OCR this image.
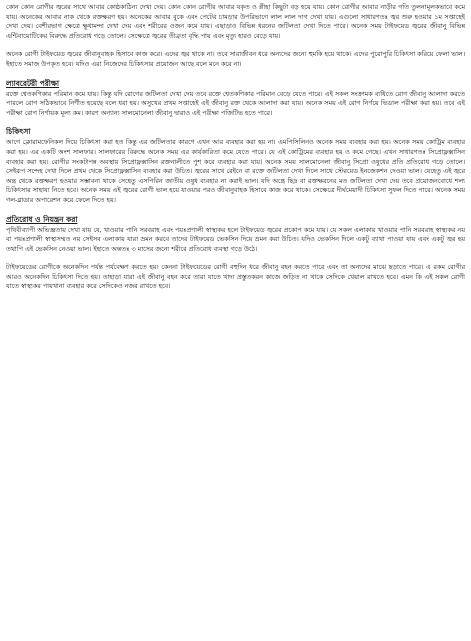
কোন কোন রোগীর জ্বরের সাথে আবার কোষ্ঠকাঠিন্য দেখা দেয়। কোন কোন রোগীর আবার যকৃত ও প্লীহা কিছুটা বড় হয়ে যায়। কোন রোগীর আবার নাড়ীর গতি তুলনামূলকভাবে কমে যায়। অনেকের আবার নাক থেকে রক্তক্ষরণ হয়। অনেকের আবার বুকে এবং পেটের চামড়ার উপরিভাগে লাল লাল দাগ দেখা যায়। এগুলো সাধারণতঃ জ্বর শুরু হওয়ার ১ম সপ্তাহেই দেখা দেয়। বেশীরভাগ ক্ষেত্রে ক্ষুধামন্দা দেখা দেয় এবং শরীরের ওজন কমে যায়। এছাড়াও বিভিন্ন ধরনের জটিলতা দেখা দিতে পারে। অনেক সময় টাইফয়েড জ্বরের জীবানু বিভিন্ন এন্টিবায়োটিকের বিরুদ্ধে প্রতিরোধ গড়ে তোলে। সেক্ষেত্রে জ্বরের তীব্রতা বৃদ্ধি পায় এবং মৃত্যু হারও বেড়ে যায়।

অনেক রোগী টাইফয়েড জ্বরের জীবানুবাহক হিসাবে কাজ করে। এদের জ্বর থাকে না। তবে সারাজীবন ধরে অন্যদের জন্যে হুমকি হয়ে থাকে। এদের পুরোপুরি চিকিৎসা করিয়ে ফেলা ভাল। ইহাতে সমাজ উপকৃত হবে। যদিও এরা নিজেদের চিকিৎসার প্রয়োজন আছে বলে মনে করে না।

ল্যাবরেটরী পরীক্ষা

রক্তে শ্বেতকণিকার পরিমান কমে যায়। কিন্তু যদি রোগের জটিলতা দেখা দেয় তবে রক্তে শ্বেতকণিকার পরিমান বেড়ে যেতে পারে। এই সকল সংক্রামক ব্যধিতে রোগ জীবানু আলাদা করতে পারলে রোগ সঠিকভাবে নির্ণীত হয়েছে বলে ধরা হয়। অসুখের প্রথম সপ্তাহেই এই জীবানু রক্ত থেকে আলাদা করা যায়। অনেক সময় এই রোগ নির্ণয়ে ভিডাল পরীক্ষা করা হয়। তবে এই পরীক্ষা রোগ নির্ণায়ক মূল্য কম। কারণ অন্যান্য সালমোনেলা জীবানু দ্বারাও এই পরীক্ষা পজিটিভ হতে পারে।

চিকিৎসা

আগে ক্লোরামফেনিকল দিয়ে চিকিৎসা করা হত কিন্তু এর জটিলতার কারণে এখন আর ব্যবহার করা হয় না। এমপিসিলিনও অনেক সময় ব্যবহার করা হয়। অনেক সময় কোট্রিম ব্যবহার করা হয়। এর একটি অংশ সালফার। সালফারের বিরুদ্ধে অনেক সময় এর কার্যকারিতা কমে যেতে পারে। যে এই কোট্রিমের ব্যবহার হয় ও কমে গেছে। এখন সাধারণতঃ সিপ্রোফ্লক্সাসিন ব্যবহার করা হয়। রোগীর সংকটাপন্ন অবস্থায় সিপ্রোফ্লক্সাসিন রক্তনালীতে পুশ করে ব্যবহার করা যায়। অনেক সময় সালমোনেলা জীবানু সিপ্রো ওষুধের প্রতি প্রতিরোধ গড়ে তোলে। সেইরূপ সন্দেহ দেখা দিলে প্রথম থেকে সিপ্রোফ্লক্সাসিন ব্যবহার করা উচিত। জ্বরের সাথে রেইনে বা রক্তে জটিলতা দেখা দিলে সাথে স্টেরয়েড ইনজেকশন দেওয়া ভাল। যেহেতু এই জ্বরে অন্ত্র থেকে রক্তক্ষরণ হওয়ার সম্ভাবনা থাকে সেহেতু এসপিরিন জাতীয় ওষুধ ব্যবহার না করাই ভাল। যদি অন্ত্রে ছিদ্র বা রক্তক্ষরনের মত জটিলতা দেখা দেয় তবে প্রয়োজনবোধে শল্য চিকিৎসার সাহায্য নিতে হবে। অনেক সময় এই জ্বরের রোগী ভাল হয়ে যাওয়ার পরও জীবানুবাহক হিসাবে কাজ করে থাকে। সেক্ষেত্রে দীর্ঘমেয়াদী চিকিৎসা সুফল দিতে পারে। অনেক সময় গল-ব্লাডার অপারেশন করে ফেলে দিতে হয়।

প্রতিরোধ ও নিয়ন্ত্রন করা

পৃথিবীব্যাপী অভিজ্ঞতায় দেখা যায় যে, খাওয়ার পানি সরবরাহ এবং পয়ঃপ্রণালী স্বাস্থ্যকর হলে টাইফয়েড জ্বরের প্রকোপ কমে যায়। যে সকল এলাকায় খাওয়ার পানি সরবরাহ স্বাস্থ্যকর নয় বা পয়ঃপ্রণালী স্বাস্থ্যসম্মত নয় সেইসব এলাকায় যারা ভ্রমন করবে তাদের টাইফয়েড ভেকসিন দিয়ে ভ্রমন করা উচিত। যদিও ভেকসিন দিলে একটু ব্যাথা পাওয়া যায় এবং একটু জ্বর হয় তথাপি এই ভেকসিন নেওয়া ভাল। ইহাতে অন্ততঃ ৩ মাসের জন্যে শরীরে প্রতিরোধ ব্যবস্থা গড়ে উঠে।

টাইফয়েডের রোগীকে অনেকদিন পর্যন্ত পর্যবেক্ষণ করতে হয়। কেননা টাইফয়েডের রোগী বহুদিন ধরে জীবানু বহন করতে পারে এবং তা অন্যদের মাঝে ছড়াতে পারে। এ রকম রোগীর আরও অনেকদিন চিকিৎসা দিতে হয়। তাহাড়া যারা এই জীবানু বহন করে তারা যাতে খাদ্য প্রস্তুতকরন কাজে জড়িত না থাকে সেদিকে খেয়াল রাখতে হবে। এমন কি এই সকল রোগী যাতে স্বাস্থ্যকর পায়খানা ব্যবহার করে সেদিকেও নজর রাখতে হবে।
